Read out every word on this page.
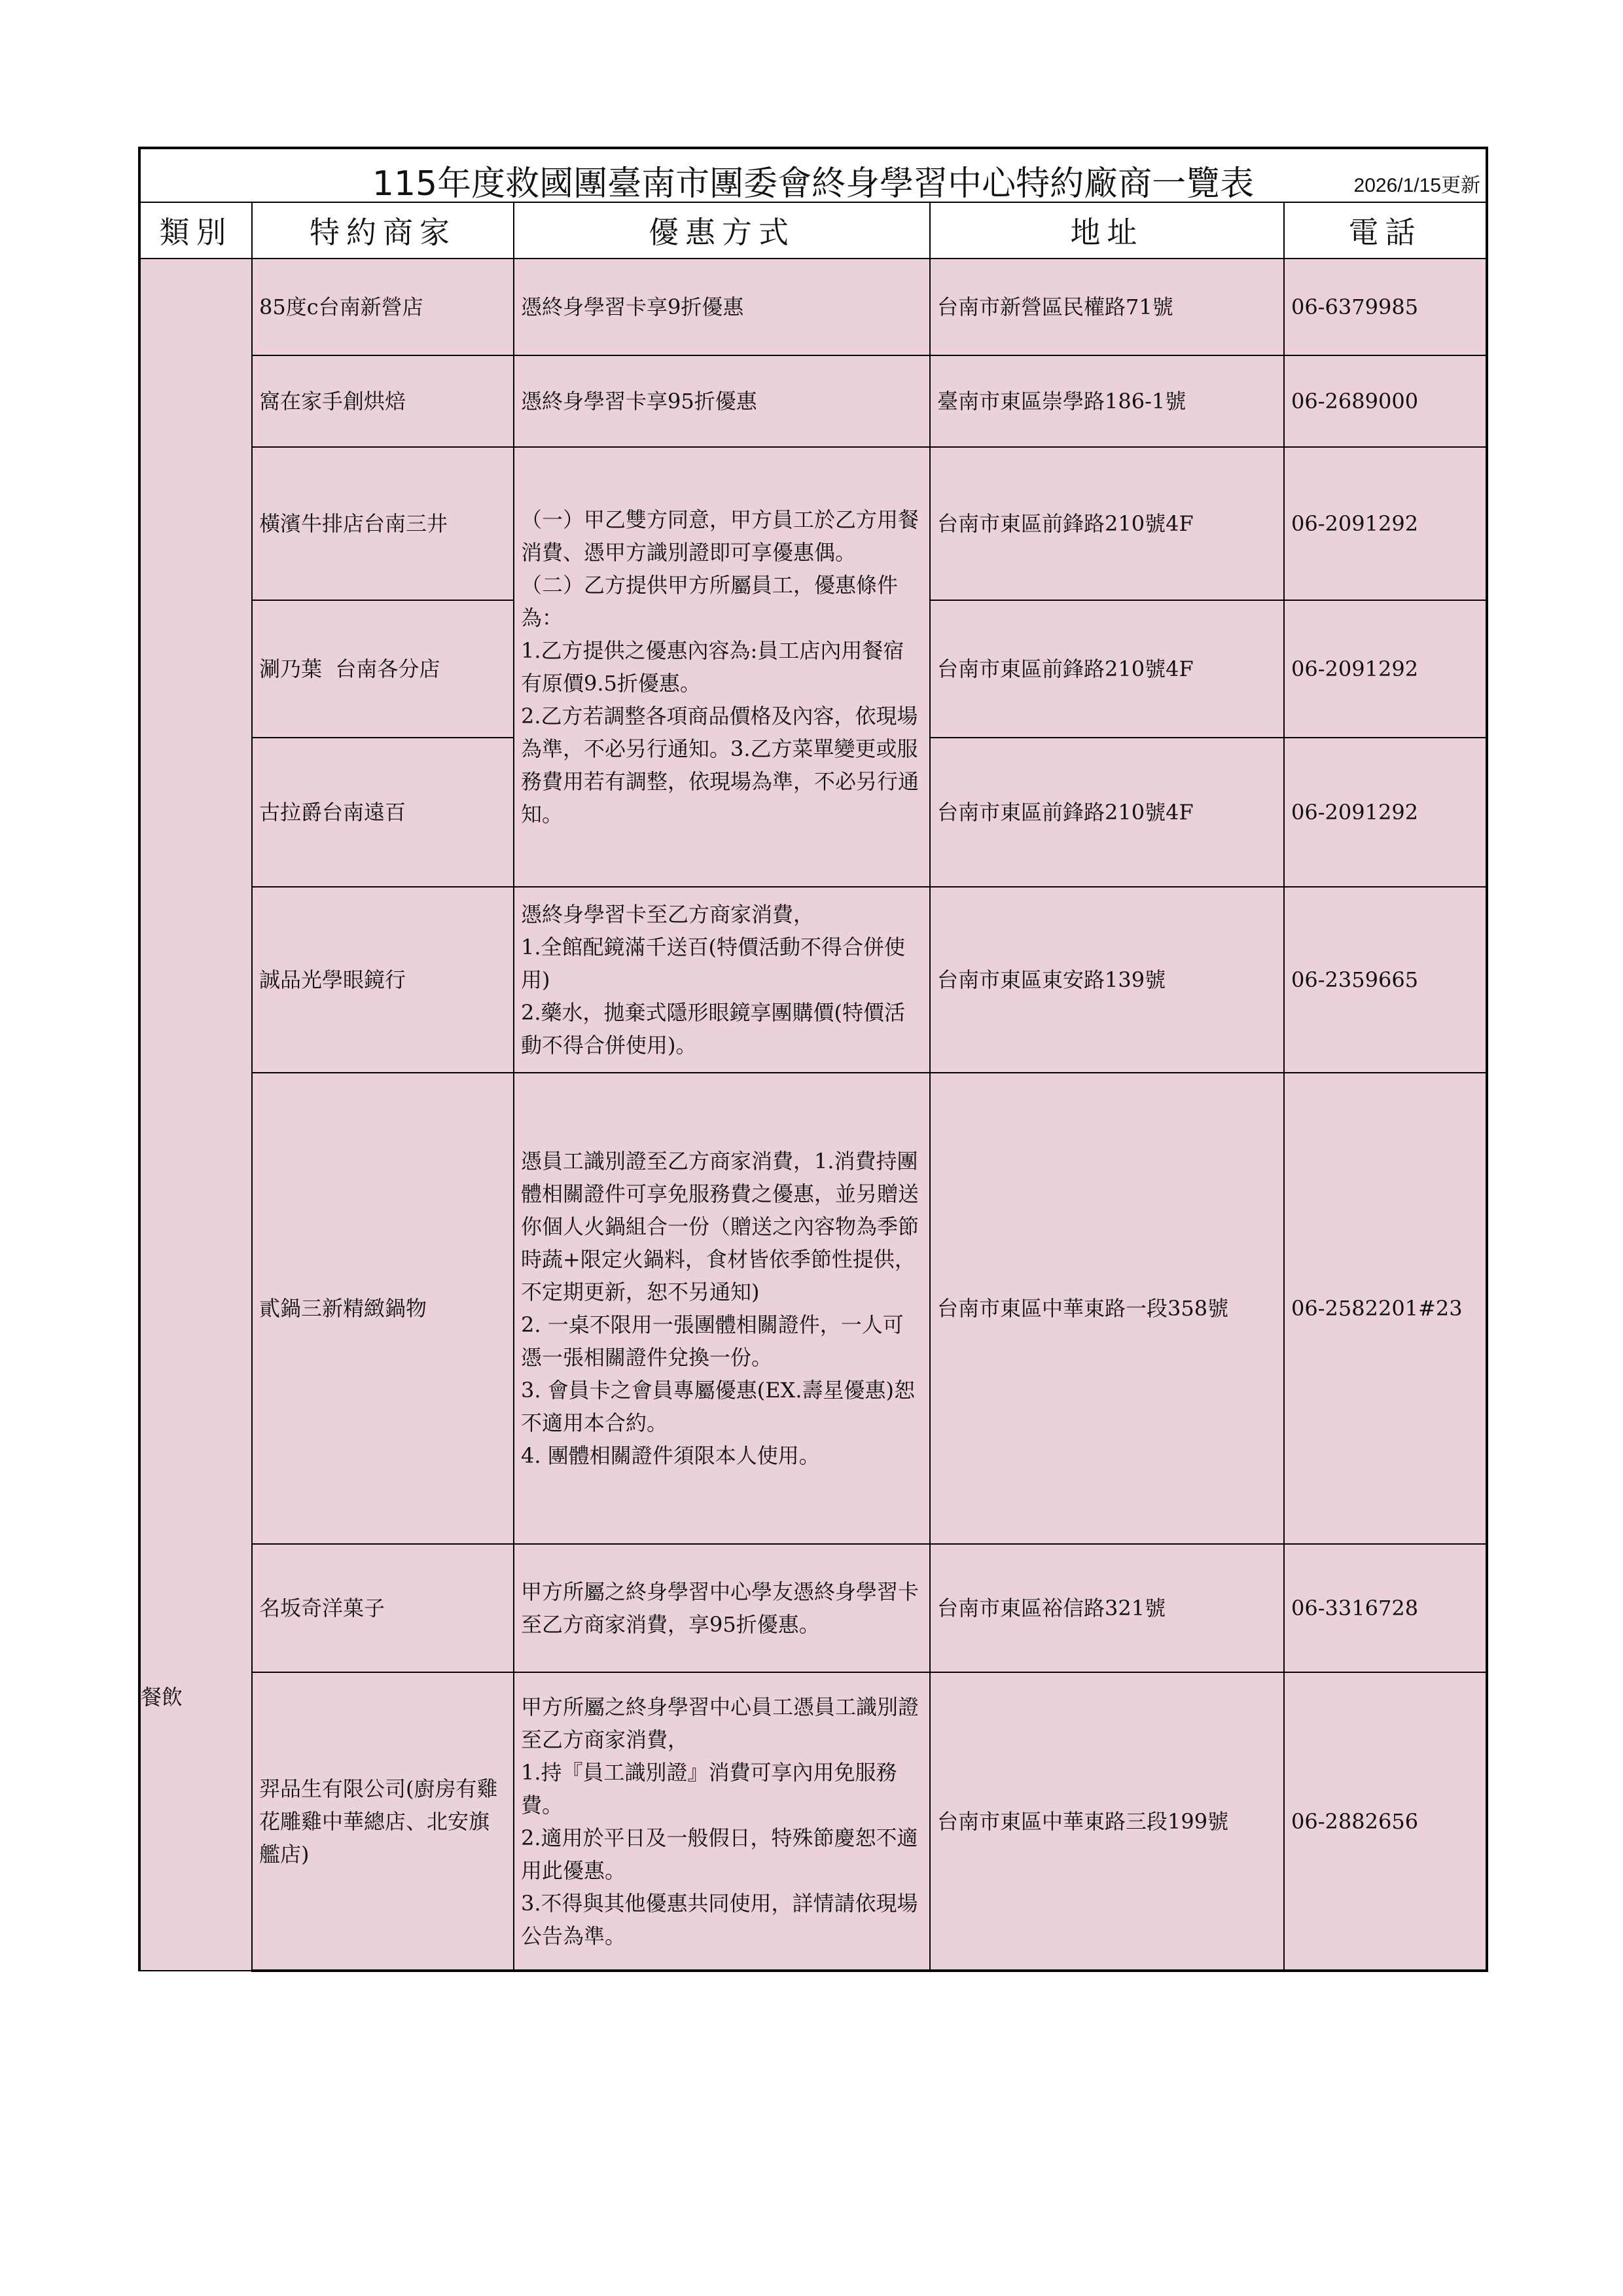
115年度救國團臺南市團委會終身學習中心特約廠商一覽表 2026/1/15更新				

類別	特約商家	優惠方式	地址	電話

餐飲	85度c台南新營店	憑終身學習卡享9折優惠	台南市新營區民權路71號	06-6379985

	窩在家手創烘焙	憑終身學習卡享95折優惠	臺南市東區崇學路186-1號	06-2689000

	橫濱牛排店台南三井	（一）甲乙雙方同意，甲方員工於乙方用餐消費、憑甲方識別證即可享優惠偶。
（二）乙方提供甲方所屬員工，優惠條件為：
1.乙方提供之優惠內容為:員工店內用餐宿有原價9.5折優惠。
2.乙方若調整各項商品價格及內容，依現場為準，不必另行通知。3.乙方菜單變更或服務費用若有調整，依現場為準，不必另行通知。	台南市東區前鋒路210號4F	06-2091292

	涮乃葉  台南各分店		台南市東區前鋒路210號4F	06-2091292

	古拉爵台南遠百		台南市東區前鋒路210號4F	06-2091292

	誠品光學眼鏡行	憑終身學習卡至乙方商家消費，
1.全館配鏡滿千送百(特價活動不得合併使用)
2.藥水，拋棄式隱形眼鏡享團購價(特價活動不得合併使用)。	台南市東區東安路139號	06-2359665

	貳鍋三新精緻鍋物	憑員工識別證至乙方商家消費，1.消費持團體相關證件可享免服務費之優惠，並另贈送你個人火鍋組合一份（贈送之內容物為季節時蔬+限定火鍋料，食材皆依季節性提供，不定期更新，恕不另通知)
2. 一桌不限用一張團體相關證件，一人可憑一張相關證件兌換一份。
3. 會員卡之會員專屬優惠(EX.壽星優惠)恕不適用本合約。
4. 團體相關證件須限本人使用。	台南市東區中華東路一段358號	06-2582201#23

	名坂奇洋菓子	甲方所屬之終身學習中心學友憑終身學習卡至乙方商家消費，享95折優惠。	台南市東區裕信路321號	06-3316728

	羿品生有限公司(廚房有雞花雕雞中華總店、北安旗艦店)	甲方所屬之終身學習中心員工憑員工識別證至乙方商家消費，
1.持『員工識別證』消費可享內用免服務費。
2.適用於平日及一般假日，特殊節慶恕不適用此優惠。
3.不得與其他優惠共同使用，詳情請依現場公告為準。	台南市東區中華東路三段199號	06-2882656
